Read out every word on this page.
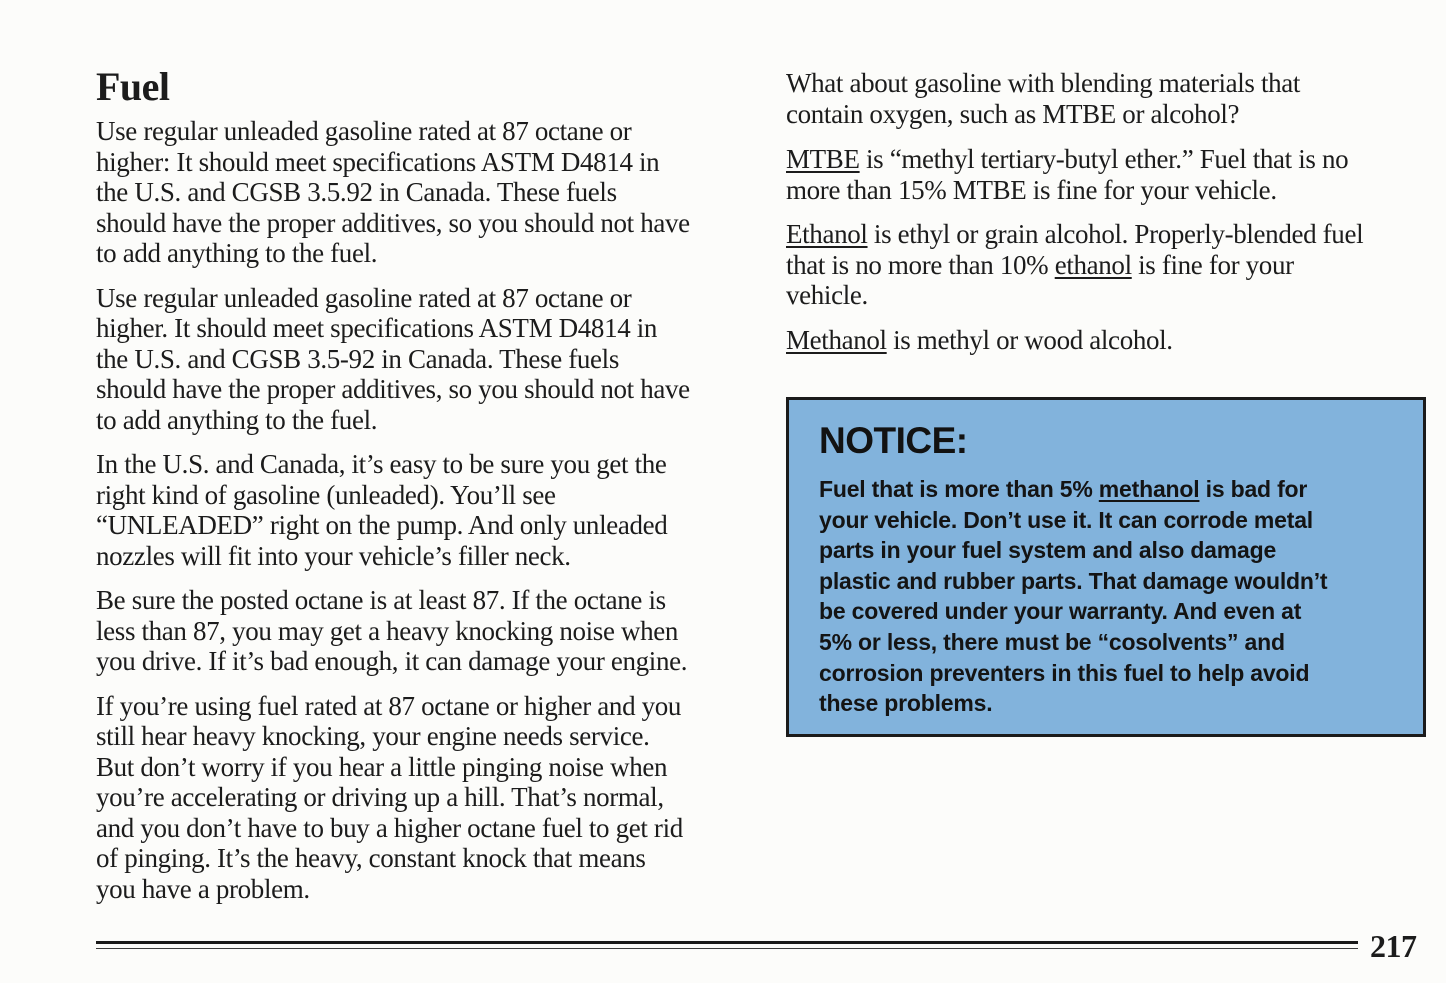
Fuel

Use regular unleaded gasoline rated at 87 octane or
higher: It should meet specifications ASTM D4814 in
the U.S. and CGSB 3.5.92 in Canada. These fuels
should have the proper additives, so you should not have
to add anything to the fuel.

Use regular unleaded gasoline rated at 87 octane or
higher. It should meet specifications ASTM D4814 in
the U.S. and CGSB 3.5-92 in Canada. These fuels
should have the proper additives, so you should not have
to add anything to the fuel.

In the U.S. and Canada, it’s easy to be sure you get the
right kind of gasoline (unleaded). You’ll see
“UNLEADED” right on the pump. And only unleaded
nozzles will fit into your vehicle’s filler neck.

Be sure the posted octane is at least 87. If the octane is
less than 87, you may get a heavy knocking noise when
you drive. If it’s bad enough, it can damage your engine.

If you’re using fuel rated at 87 octane or higher and you
still hear heavy knocking, your engine needs service.
But don’t worry if you hear a little pinging noise when
you’re accelerating or driving up a hill. That’s normal,
and you don’t have to buy a higher octane fuel to get rid
of pinging. It’s the heavy, constant knock that means
you have a problem.

What about gasoline with blending materials that
contain oxygen, such as MTBE or alcohol?

MTBE is “methyl tertiary-butyl ether.” Fuel that is no
more than 15% MTBE is fine for your vehicle.

Ethanol is ethyl or grain alcohol. Properly-blended fuel
that is no more than 10% ethanol is fine for your
vehicle.

Methanol is methyl or wood alcohol.

NOTICE:

Fuel that is more than 5% methanol is bad for
your vehicle. Don’t use it. It can corrode metal
parts in your fuel system and also damage
plastic and rubber parts. That damage wouldn’t
be covered under your warranty. And even at
5% or less, there must be “cosolvents” and
corrosion preventers in this fuel to help avoid
these problems.

217
